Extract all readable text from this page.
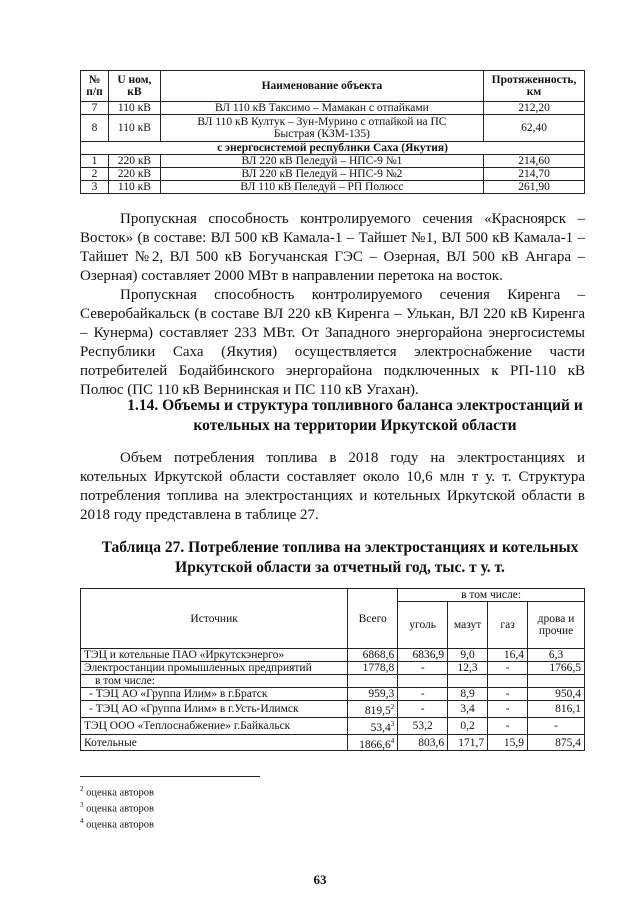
№ п/п	U ном, кВ	Наименование объекта	Протяженность, км
7	110 кВ	ВЛ 110 кВ Таксимо – Мамакан с отпайками	212,20
8	110 кВ	ВЛ 110 кВ Култук – Зун-Мурино с отпайкой на ПС Быстрая (КЗМ-135)	62,40
с энергосистемой республики Саха (Якутия)			
1	220 кВ	ВЛ 220 кВ Пеледуй – НПС-9 №1	214,60
2	220 кВ	ВЛ 220 кВ Пеледуй – НПС-9 №2	214,70
3	110 кВ	ВЛ 110 кВ Пеледуй – РП Полюсс	261,90

Пропускная способность контролируемого сечения «Красноярск – Восток» (в составе: ВЛ 500 кВ Камала-1 – Тайшет №1, ВЛ 500 кВ Камала-1 – Тайшет №2, ВЛ 500 кВ Богучанская ГЭС – Озерная, ВЛ 500 кВ Ангара – Озерная) составляет 2000 МВт в направлении перетока на восток.

Пропускная способность контролируемого сечения Киренга – Северобайкальск (в составе ВЛ 220 кВ Киренга – Улькан, ВЛ 220 кВ Киренга – Кунерма) составляет 233 МВт. От Западного энергорайона энергосистемы Республики Саха (Якутия) осуществляется электроснабжение части потребителей Бодайбинского энергорайона подключенных к РП-110 кВ Полюс (ПС 110 кВ Вернинская и ПС 110 кВ Угахан).

1.14. Объемы и структура топливного баланса электростанций и котельных на территории Иркутской области

Объем потребления топлива в 2018 году на электростанциях и котельных Иркутской области составляет около 10,6 млн т у. т. Структура потребления топлива на электростанциях и котельных Иркутской области в 2018 году представлена в таблице 27.

Таблица 27. Потребление топлива на электростанциях и котельных Иркутской области за отчетный год, тыс. т у. т.
Источник	Всего	в том числе:			
		уголь	мазут	газ	дрова и прочие
ТЭЦ и котельные ПАО «Иркутскэнерго»	6868,6	6836,9	9,0	16,4	6,3
Электростанции промышленных предприятий	1778,8	-	12,3	-	1766,5
в том числе:					
- ТЭЦ АО «Группа Илим» в г.Братск	959,3	-	8,9	-	950,4
- ТЭЦ АО «Группа Илим» в г.Усть-Илимск	819,5$^2$	-	3,4	-	816,1
ТЭЦ ООО «Теплоснабжение» г.Байкальск	53,4$^3$	53,2	0,2	-	-
Котельные	1866,6$^4$	803,6	171,7	15,9	875,4
$^2$ оценка авторов
$^3$ оценка авторов
$^4$ оценка авторов
63
